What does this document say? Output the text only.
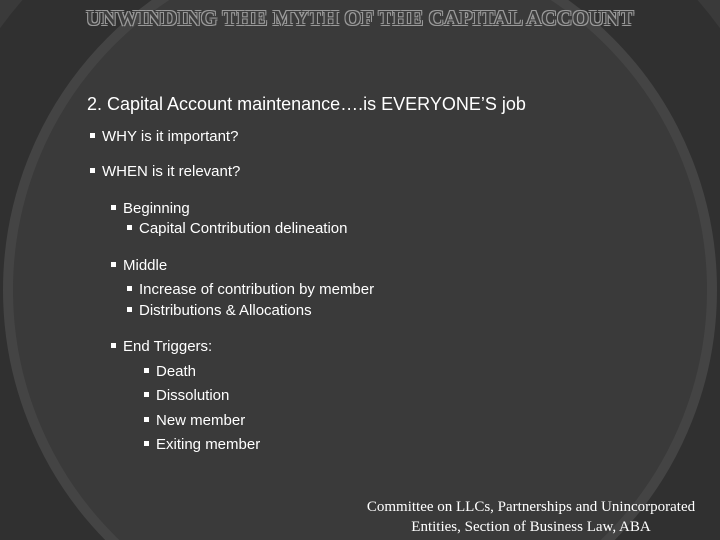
UNWINDING THE MYTH OF THE CAPITAL ACCOUNT
2. Capital Account maintenance….is EVERYONE’S job
WHY is it important?
WHEN is it relevant?
Beginning
Capital Contribution delineation
Middle
Increase of contribution by member
Distributions & Allocations
End Triggers:
Death
Dissolution
New member
Exiting member
Committee on LLCs, Partnerships and Unincorporated
Entities, Section of Business Law, ABA
